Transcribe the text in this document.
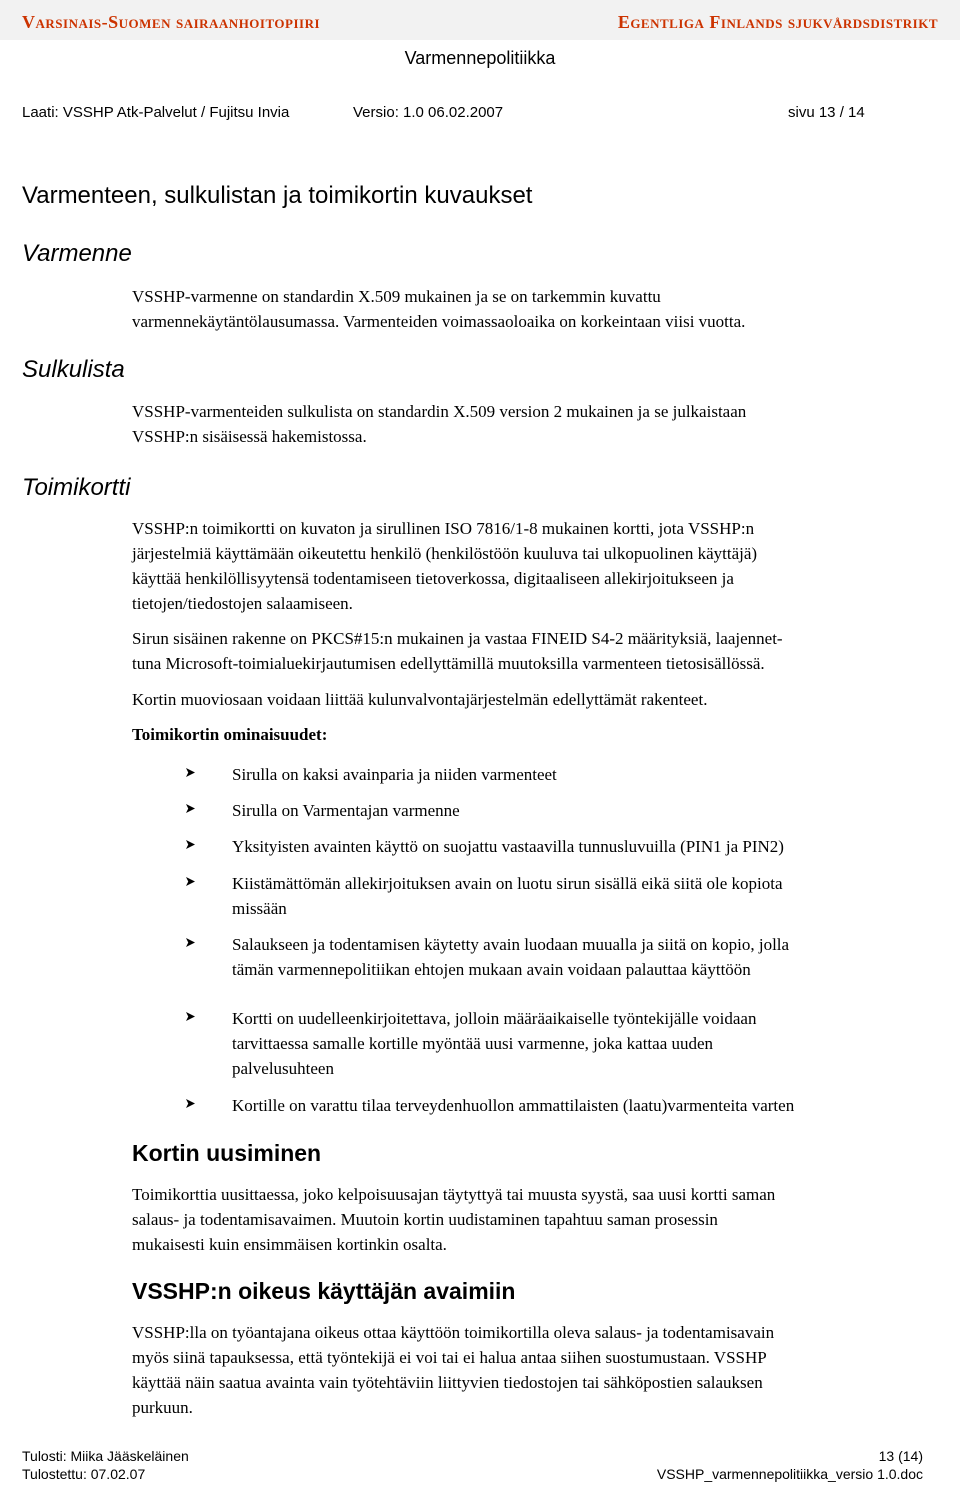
Varsinais-Suomen sairaanhoitopiiri	Egentliga Finlands sjukvårdsdistrikt
Varmennepolitiikka
Laati: VSSHP Atk-Palvelut / Fujitsu Invia	Versio: 1.0 06.02.2007	sivu 13 / 14
Varmenteen, sulkulistan ja toimikortin kuvaukset
Varmenne
VSSHP-varmenne on standardin X.509 mukainen ja se on tarkemmin kuvattu
varmennekäytäntölausumassa. Varmenteiden voimassaoloaika on korkeintaan viisi vuotta.
Sulkulista
VSSHP-varmenteiden sulkulista on standardin X.509 version 2 mukainen ja se julkaistaan
VSSHP:n sisäisessä hakemistossa.
Toimikortti
VSSHP:n toimikortti on kuvaton ja sirullinen ISO 7816/1-8 mukainen kortti, jota VSSHP:n
järjestelmiä käyttämään oikeutettu henkilö (henkilöstöön kuuluva tai ulkopuolinen käyttäjä)
käyttää henkilöllisyytensä todentamiseen tietoverkossa, digitaaliseen allekirjoitukseen ja
tietojen/tiedostojen salaamiseen.
Sirun sisäinen rakenne on PKCS#15:n mukainen ja vastaa FINEID S4-2 määrityksiä, laajennet-
tuna Microsoft-toimialuekirjautumisen edellyttämillä muutoksilla varmenteen tietosisällössä.
Kortin muoviosaan voidaan liittää kulunvalvontajärjestelmän edellyttämät rakenteet.
Toimikortin ominaisuudet:
Sirulla on kaksi avainparia ja niiden varmenteet
Sirulla on Varmentajan varmenne
Yksityisten avainten käyttö on suojattu vastaavilla tunnusluvuilla (PIN1 ja PIN2)
Kiistämättömän allekirjoituksen avain on luotu sirun sisällä eikä siitä ole kopiota
missään
Salaukseen ja todentamisen käytetty avain luodaan muualla ja siitä on kopio, jolla
tämän varmennepolitiikan ehtojen mukaan avain voidaan palauttaa käyttöön
Kortti on uudelleenkirjoitettava, jolloin määräaikaiselle työntekijälle voidaan
tarvittaessa samalle kortille myöntää uusi varmenne, joka kattaa uuden
palvelusuhteen
Kortille on varattu tilaa terveydenhuollon ammattilaisten (laatu)varmenteita varten
Kortin uusiminen
Toimikorttia uusittaessa, joko kelpoisuusajan täytyttyä tai muusta syystä, saa uusi kortti saman
salaus- ja todentamisavaimen. Muutoin kortin uudistaminen tapahtuu saman prosessin
mukaisesti kuin ensimmäisen kortinkin osalta.
VSSHP:n oikeus käyttäjän avaimiin
VSSHP:lla on työantajana oikeus ottaa käyttöön toimikortilla oleva salaus- ja todentamisavain
myös siinä tapauksessa, että työntekijä ei voi tai ei halua antaa siihen suostumustaan. VSSHP
käyttää näin saatua avainta vain työtehtäviin liittyvien tiedostojen tai sähköpostien salauksen
purkuun.
Tulosti: Miika Jääskeläinen
Tulostettu: 07.02.07
13 (14)
VSSHP_varmennepolitiikka_versio 1.0.doc
